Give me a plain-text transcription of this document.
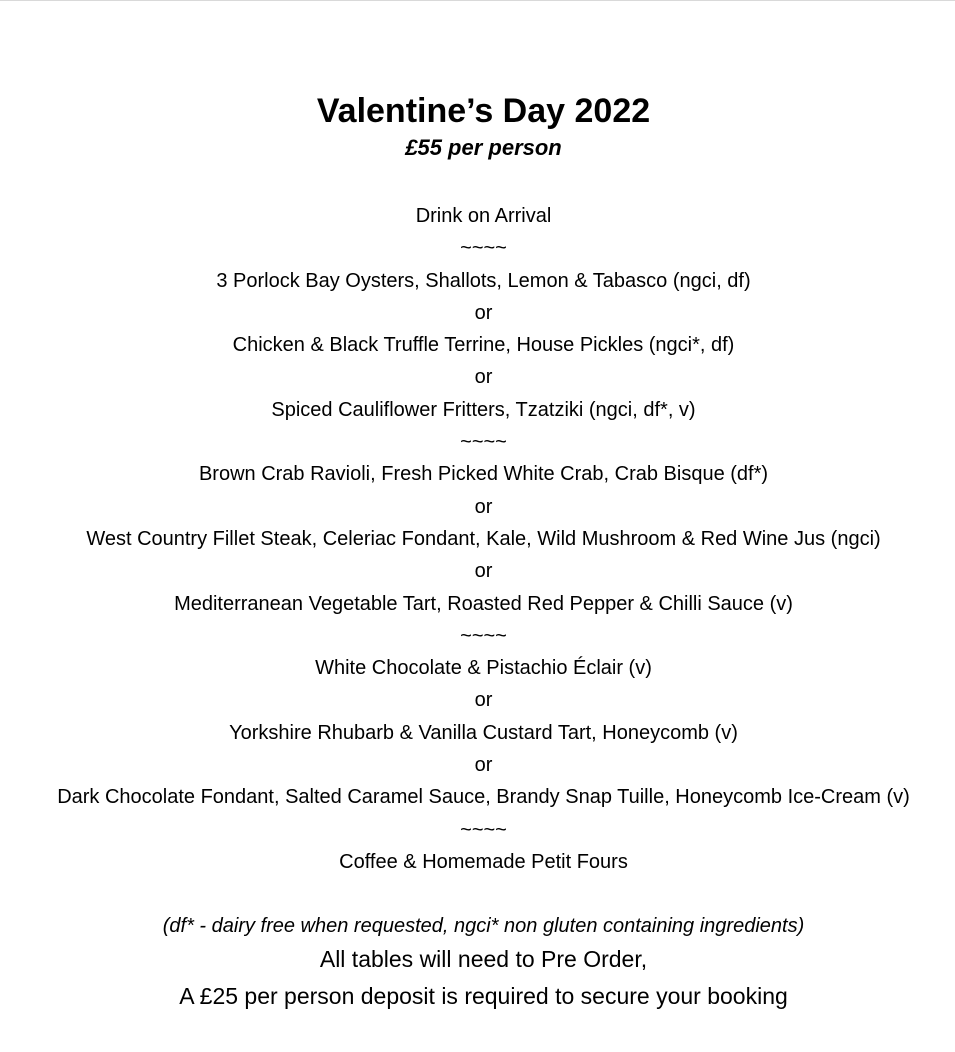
Valentine’s Day 2022
£55 per person
Drink on Arrival
~~~~
3 Porlock Bay Oysters, Shallots, Lemon & Tabasco (ngci, df)
or
Chicken & Black Truffle Terrine, House Pickles (ngci*, df)
or
Spiced Cauliflower Fritters, Tzatziki (ngci, df*, v)
~~~~
Brown Crab Ravioli, Fresh Picked White Crab, Crab Bisque (df*)
or
West Country Fillet Steak, Celeriac Fondant, Kale, Wild Mushroom & Red Wine Jus (ngci)
or
Mediterranean Vegetable Tart, Roasted Red Pepper & Chilli Sauce (v)
~~~~
White Chocolate & Pistachio Éclair (v)
or
Yorkshire Rhubarb & Vanilla Custard Tart, Honeycomb (v)
or
Dark Chocolate Fondant, Salted Caramel Sauce, Brandy Snap Tuille, Honeycomb Ice-Cream (v)
~~~~
Coffee & Homemade Petit Fours
(df* - dairy free when requested, ngci* non gluten containing ingredients)
All tables will need to Pre Order,
A £25 per person deposit is required to secure your booking
